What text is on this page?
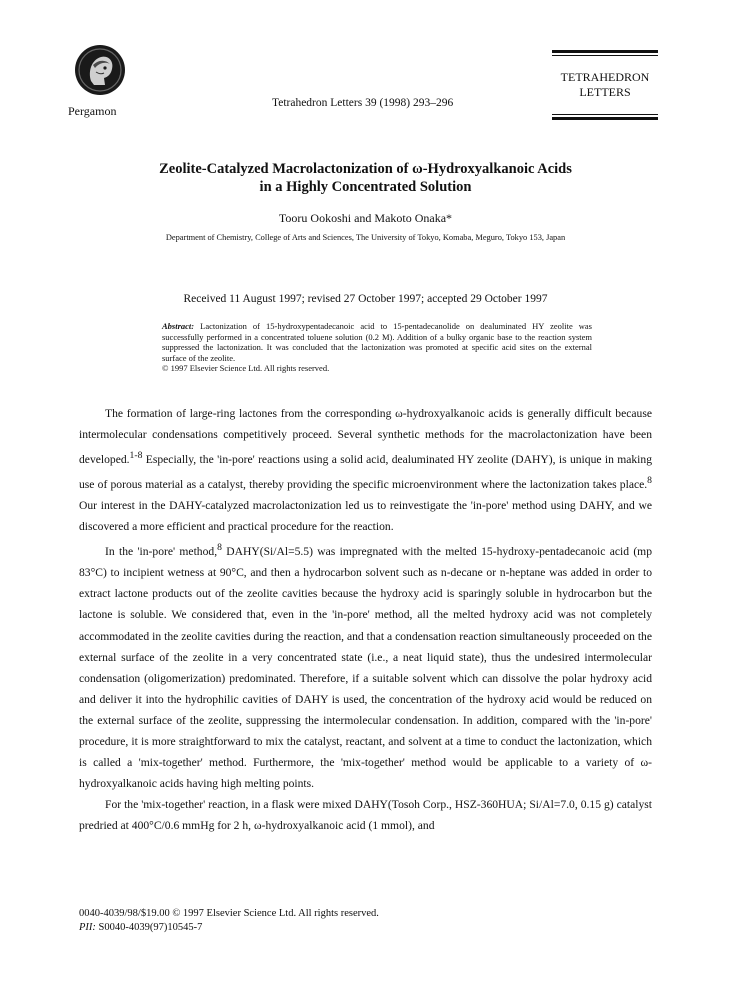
Pergamon
Tetrahedron Letters 39 (1998) 293–296
TETRAHEDRON
LETTERS
Zeolite-Catalyzed Macrolactonization of ω-Hydroxyalkanoic Acids
in a Highly Concentrated Solution
Tooru Ookoshi and Makoto Onaka*
Department of Chemistry, College of Arts and Sciences, The University of Tokyo, Komaba, Meguro, Tokyo 153, Japan
Received 11 August 1997; revised 27 October 1997; accepted 29 October 1997
Abstract: Lactonization of 15-hydroxypentadecanoic acid to 15-pentadecanolide on dealuminated HY zeolite was successfully performed in a concentrated toluene solution (0.2 M). Addition of a bulky organic base to the reaction system suppressed the lactonization. It was concluded that the lactonization was promoted at specific acid sites on the external surface of the zeolite.
© 1997 Elsevier Science Ltd. All rights reserved.

The formation of large-ring lactones from the corresponding ω-hydroxyalkanoic acids is generally difficult because intermolecular condensations competitively proceed. Several synthetic methods for the macrolactonization have been developed.$^{1-8}$ Especially, the 'in-pore' reactions using a solid acid, dealuminated HY zeolite (DAHY), is unique in making use of porous material as a catalyst, thereby providing the specific microenvironment where the lactonization takes place.$^8$ Our interest in the DAHY-catalyzed macrolactonization led us to reinvestigate the 'in-pore' method using DAHY, and we discovered a more efficient and practical procedure for the reaction.

In the 'in-pore' method,$^8$ DAHY(Si/Al=5.5) was impregnated with the melted 15-hydroxy-pentadecanoic acid (mp 83°C) to incipient wetness at 90°C, and then a hydrocarbon solvent such as n-decane or n-heptane was added in order to extract lactone products out of the zeolite cavities because the hydroxy acid is sparingly soluble in hydrocarbon but the lactone is soluble. We considered that, even in the 'in-pore' method, all the melted hydroxy acid was not completely accommodated in the zeolite cavities during the reaction, and that a condensation reaction simultaneously proceeded on the external surface of the zeolite in a very concentrated state (i.e., a neat liquid state), thus the undesired intermolecular condensation (oligomerization) predominated. Therefore, if a suitable solvent which can dissolve the polar hydroxy acid and deliver it into the hydrophilic cavities of DAHY is used, the concentration of the hydroxy acid would be reduced on the external surface of the zeolite, suppressing the intermolecular condensation. In addition, compared with the 'in-pore' procedure, it is more straightforward to mix the catalyst, reactant, and solvent at a time to conduct the lactonization, which is called a 'mix-together' method. Furthermore, the 'mix-together' method would be applicable to a variety of ω-hydroxyalkanoic acids having high melting points.

For the 'mix-together' reaction, in a flask were mixed DAHY(Tosoh Corp., HSZ-360HUA; Si/Al=7.0, 0.15 g) catalyst predried at 400°C/0.6 mmHg for 2 h, ω-hydroxyalkanoic acid (1 mmol), and

0040-4039/98/$19.00 © 1997 Elsevier Science Ltd. All rights reserved.
PII: S0040-4039(97)10545-7
